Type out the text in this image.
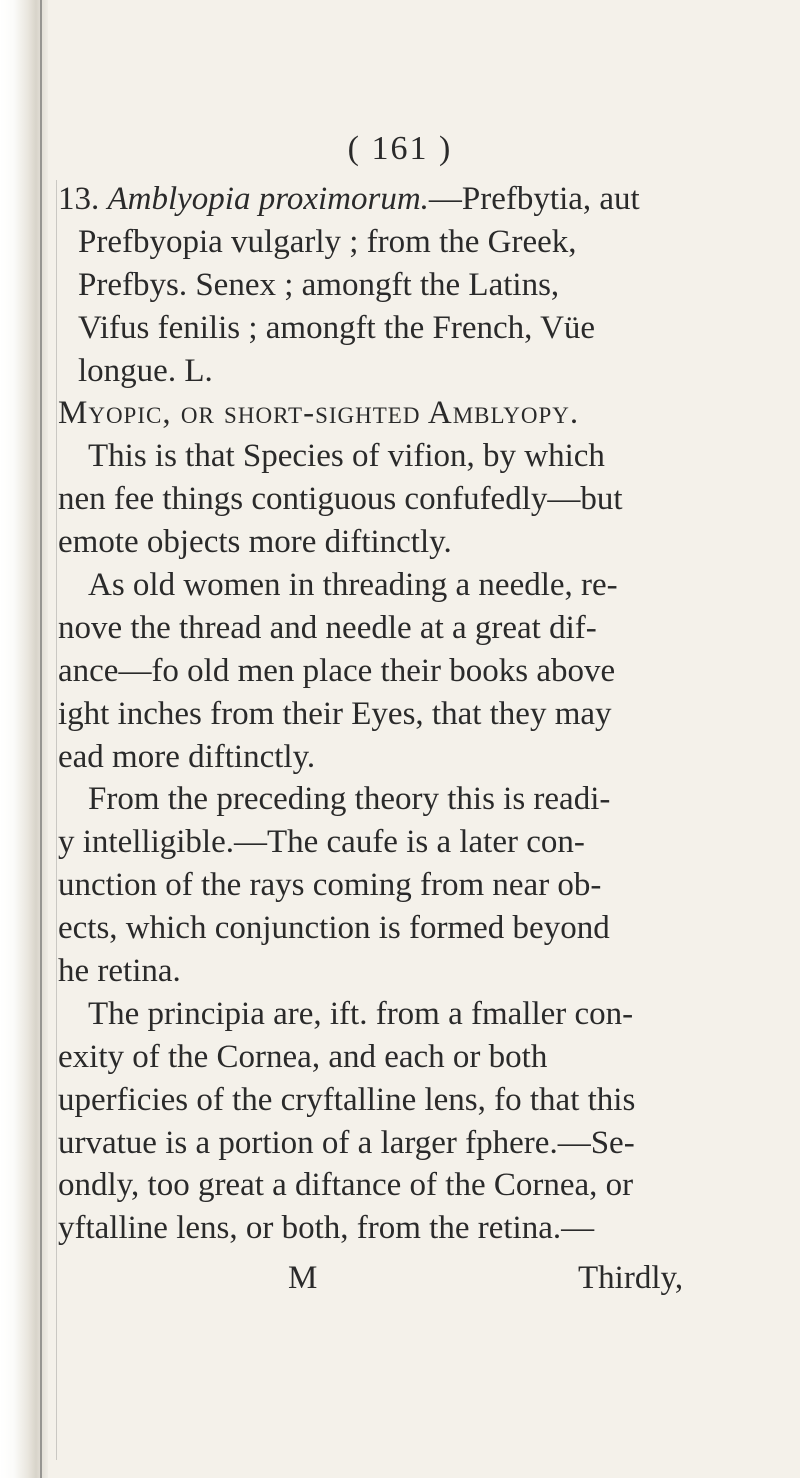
( 161 )
13. Amblyopia proximorum.—Prefbytia, aut
Prefbyopia vulgarly ; from the Greek,
Prefbys. Senex ; amongft the Latins,
Vifus fenilis ; amongft the French, Vüe
longue. L.
Myopic, or short-sighted Amblyopy.
This is that Species of vifion, by which
nen fee things contiguous confufedly—but
emote objects more diftinctly.
As old women in threading a needle, re-
nove the thread and needle at a great dif-
ance—fo old men place their books above
ight inches from their Eyes, that they may
ead more diftinctly.
From the preceding theory this is readi-
y intelligible.—The caufe is a later con-
unction of the rays coming from near ob-
ects, which conjunction is formed beyond
he retina.
The principia are, ift. from a fmaller con-
exity of the Cornea, and each or both
uperficies of the cryftalline lens, fo that this
urvatue is a portion of a larger fphere.—Se-
ondly, too great a diftance of the Cornea, or
yftalline lens, or both, from the retina.—
M	Thirdly,
